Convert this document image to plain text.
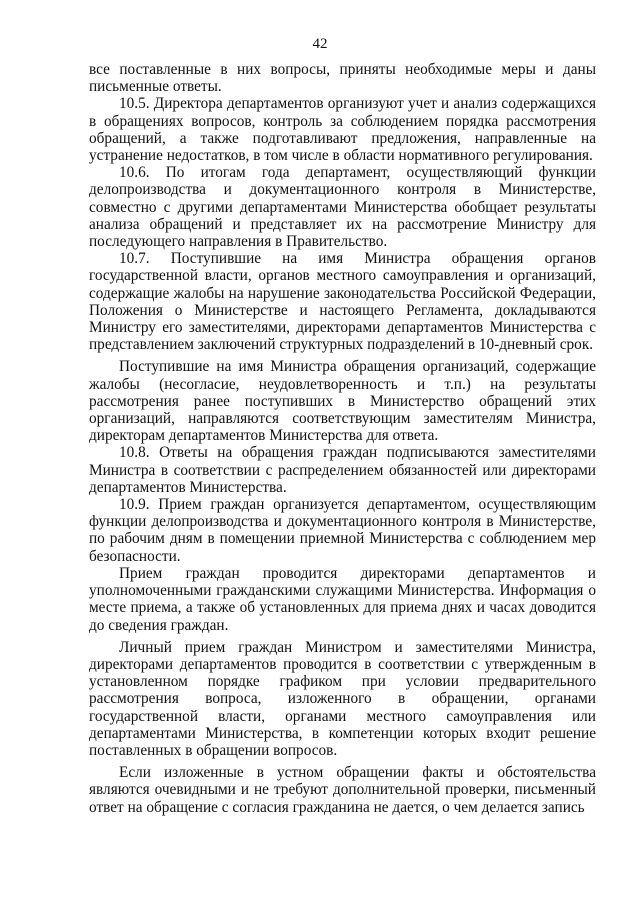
42

все поставленные в них вопросы, приняты необходимые меры и даны письменные ответы.

10.5. Директора департаментов организуют учет и анализ содержащихся в обращениях вопросов, контроль за соблюдением порядка рассмотрения обращений, а также подготавливают предложения, направленные на устранение недостатков, в том числе в области нормативного регулирования.

10.6. По итогам года департамент, осуществляющий функции делопроизводства и документационного контроля в Министерстве, совместно с другими департаментами Министерства обобщает результаты анализа обращений и представляет их на рассмотрение Министру для последующего направления в Правительство.

10.7. Поступившие на имя Министра обращения органов государственной власти, органов местного самоуправления и организаций, содержащие жалобы на нарушение законодательства Российской Федерации, Положения о Министерстве и настоящего Регламента, докладываются Министру его заместителями, директорами департаментов Министерства с представлением заключений структурных подразделений в 10-дневный срок.

Поступившие на имя Министра обращения организаций, содержащие жалобы (несогласие, неудовлетворенность и т.п.) на результаты рассмотрения ранее поступивших в Министерство обращений этих организаций, направляются соответствующим заместителям Министра, директорам департаментов Министерства для ответа.

10.8. Ответы на обращения граждан подписываются заместителями Министра в соответствии с распределением обязанностей или директорами департаментов Министерства.

10.9. Прием граждан организуется департаментом, осуществляющим функции делопроизводства и документационного контроля в Министерстве, по рабочим дням в помещении приемной Министерства с соблюдением мер безопасности.

Прием граждан проводится директорами департаментов и уполномоченными гражданскими служащими Министерства. Информация о месте приема, а также об установленных для приема днях и часах доводится до сведения граждан.

Личный прием граждан Министром и заместителями Министра, директорами департаментов проводится в соответствии с утвержденным в установленном порядке графиком при условии предварительного рассмотрения вопроса, изложенного в обращении, органами государственной власти, органами местного самоуправления или департаментами Министерства, в компетенции которых входит решение поставленных в обращении вопросов.

Если изложенные в устном обращении факты и обстоятельства являются очевидными и не требуют дополнительной проверки, письменный ответ на обращение с согласия гражданина не дается, о чем делается запись
